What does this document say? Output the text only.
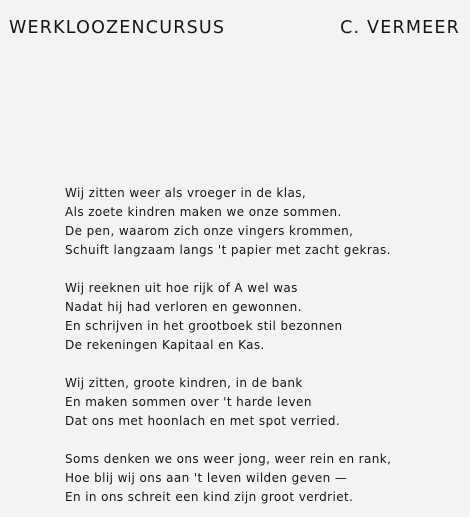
WERKLOOZENCURSUS	C. VERMEER
Wij zitten weer als vroeger in de klas,
Als zoete kindren maken we onze sommen.
De pen, waarom zich onze vingers krommen,
Schuift langzaam langs 't papier met zacht gekras.
Wij reeknen uit hoe rijk of A wel was
Nadat hij had verloren en gewonnen.
En schrijven in het grootboek stil bezonnen
De rekeningen Kapitaal en Kas.
Wij zitten, groote kindren, in de bank
En maken sommen over 't harde leven
Dat ons met hoonlach en met spot verried.
Soms denken we ons weer jong, weer rein en rank,
Hoe blij wij ons aan 't leven wilden geven —
En in ons schreit een kind zijn groot verdriet.
